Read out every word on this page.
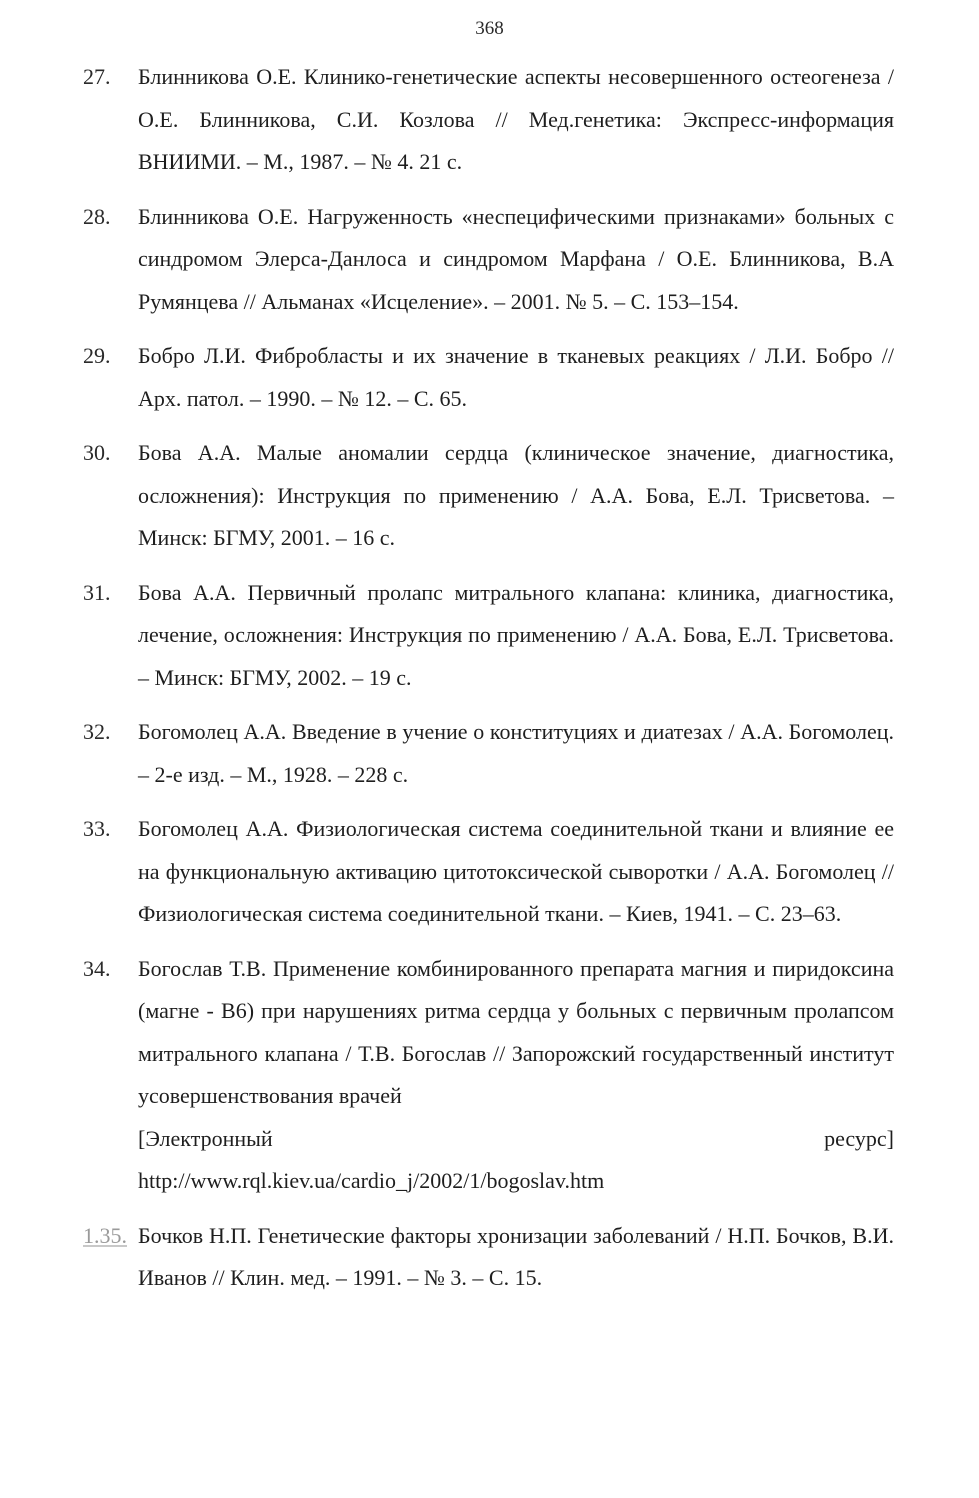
368
27. Блинникова О.Е. Клинико-генетические аспекты несовершенного остеогенеза / О.Е. Блинникова, С.И. Козлова // Мед.генетика: Экспресс-информация ВНИИМИ. – М., 1987. – № 4. 21 с.
28. Блинникова О.Е. Нагруженность «неспецифическими признаками» больных с синдромом Элерса-Данлоса и синдромом Марфана / О.Е. Блинникова, В.А Румянцева // Альманах «Исцеление». – 2001. № 5. – С. 153–154.
29. Бобро Л.И. Фибробласты и их значение в тканевых реакциях / Л.И. Бобро // Арх. патол. – 1990. – № 12. – С. 65.
30. Бова А.А. Малые аномалии сердца (клиническое значение, диагностика, осложнения): Инструкция по применению / А.А. Бова, Е.Л. Трисветова. – Минск: БГМУ, 2001. – 16 с.
31. Бова А.А. Первичный пролапс митрального клапана: клиника, диагностика, лечение, осложнения: Инструкция по применению / А.А. Бова, Е.Л. Трисветова. – Минск: БГМУ, 2002. – 19 с.
32. Богомолец А.А. Введение в учение о конституциях и диатезах / А.А. Богомолец. – 2-е изд. – М., 1928. – 228 с.
33. Богомолец А.А. Физиологическая система соединительной ткани и влияние ее на функциональную активацию цитотоксической сыворотки / А.А. Богомолец // Физиологическая система соединительной ткани. – Киев, 1941. – С. 23–63.
34. Богослав Т.В. Применение комбинированного препарата магния и пиридоксина (магне - В6) при нарушениях ритма сердца у больных с первичным пролапсом митрального клапана / Т.В. Богослав // Запорожский государственный институт усовершенствования врачей
[Электронный	ресурс]
http://www.rql.kiev.ua/cardio_j/2002/1/bogoslav.htm
1.35. Бочков Н.П. Генетические факторы хронизации заболеваний / Н.П. Бочков, В.И. Иванов // Клин. мед. – 1991. – № 3. – С. 15.
